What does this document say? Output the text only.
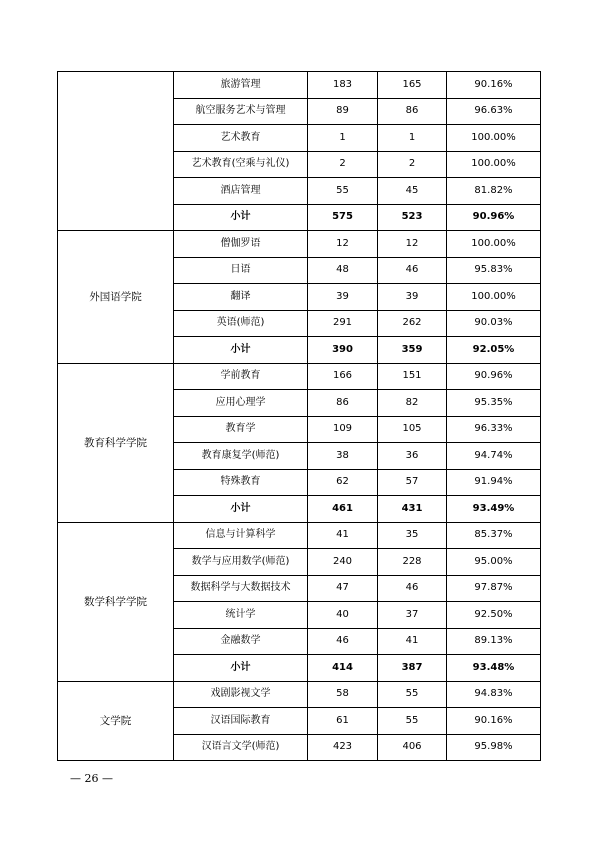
	旅游管理	183	165	90.16%
	航空服务艺术与管理	89	86	96.63%
	艺术教育	1	1	100.00%
	艺术教育(空乘与礼仪)	2	2	100.00%
	酒店管理	55	45	81.82%
	小计	575	523	90.96%
外国语学院	僧伽罗语	12	12	100.00%
	日语	48	46	95.83%
	翻译	39	39	100.00%
	英语(师范)	291	262	90.03%
	小计	390	359	92.05%
教育科学学院	学前教育	166	151	90.96%
	应用心理学	86	82	95.35%
	教育学	109	105	96.33%
	教育康复学(师范)	38	36	94.74%
	特殊教育	62	57	91.94%
	小计	461	431	93.49%
数学科学学院	信息与计算科学	41	35	85.37%
	数学与应用数学(师范)	240	228	95.00%
	数据科学与大数据技术	47	46	97.87%
	统计学	40	37	92.50%
	金融数学	46	41	89.13%
	小计	414	387	93.48%
文学院	戏剧影视文学	58	55	94.83%
	汉语国际教育	61	55	90.16%
	汉语言文学(师范)	423	406	95.98%
— 26 —
